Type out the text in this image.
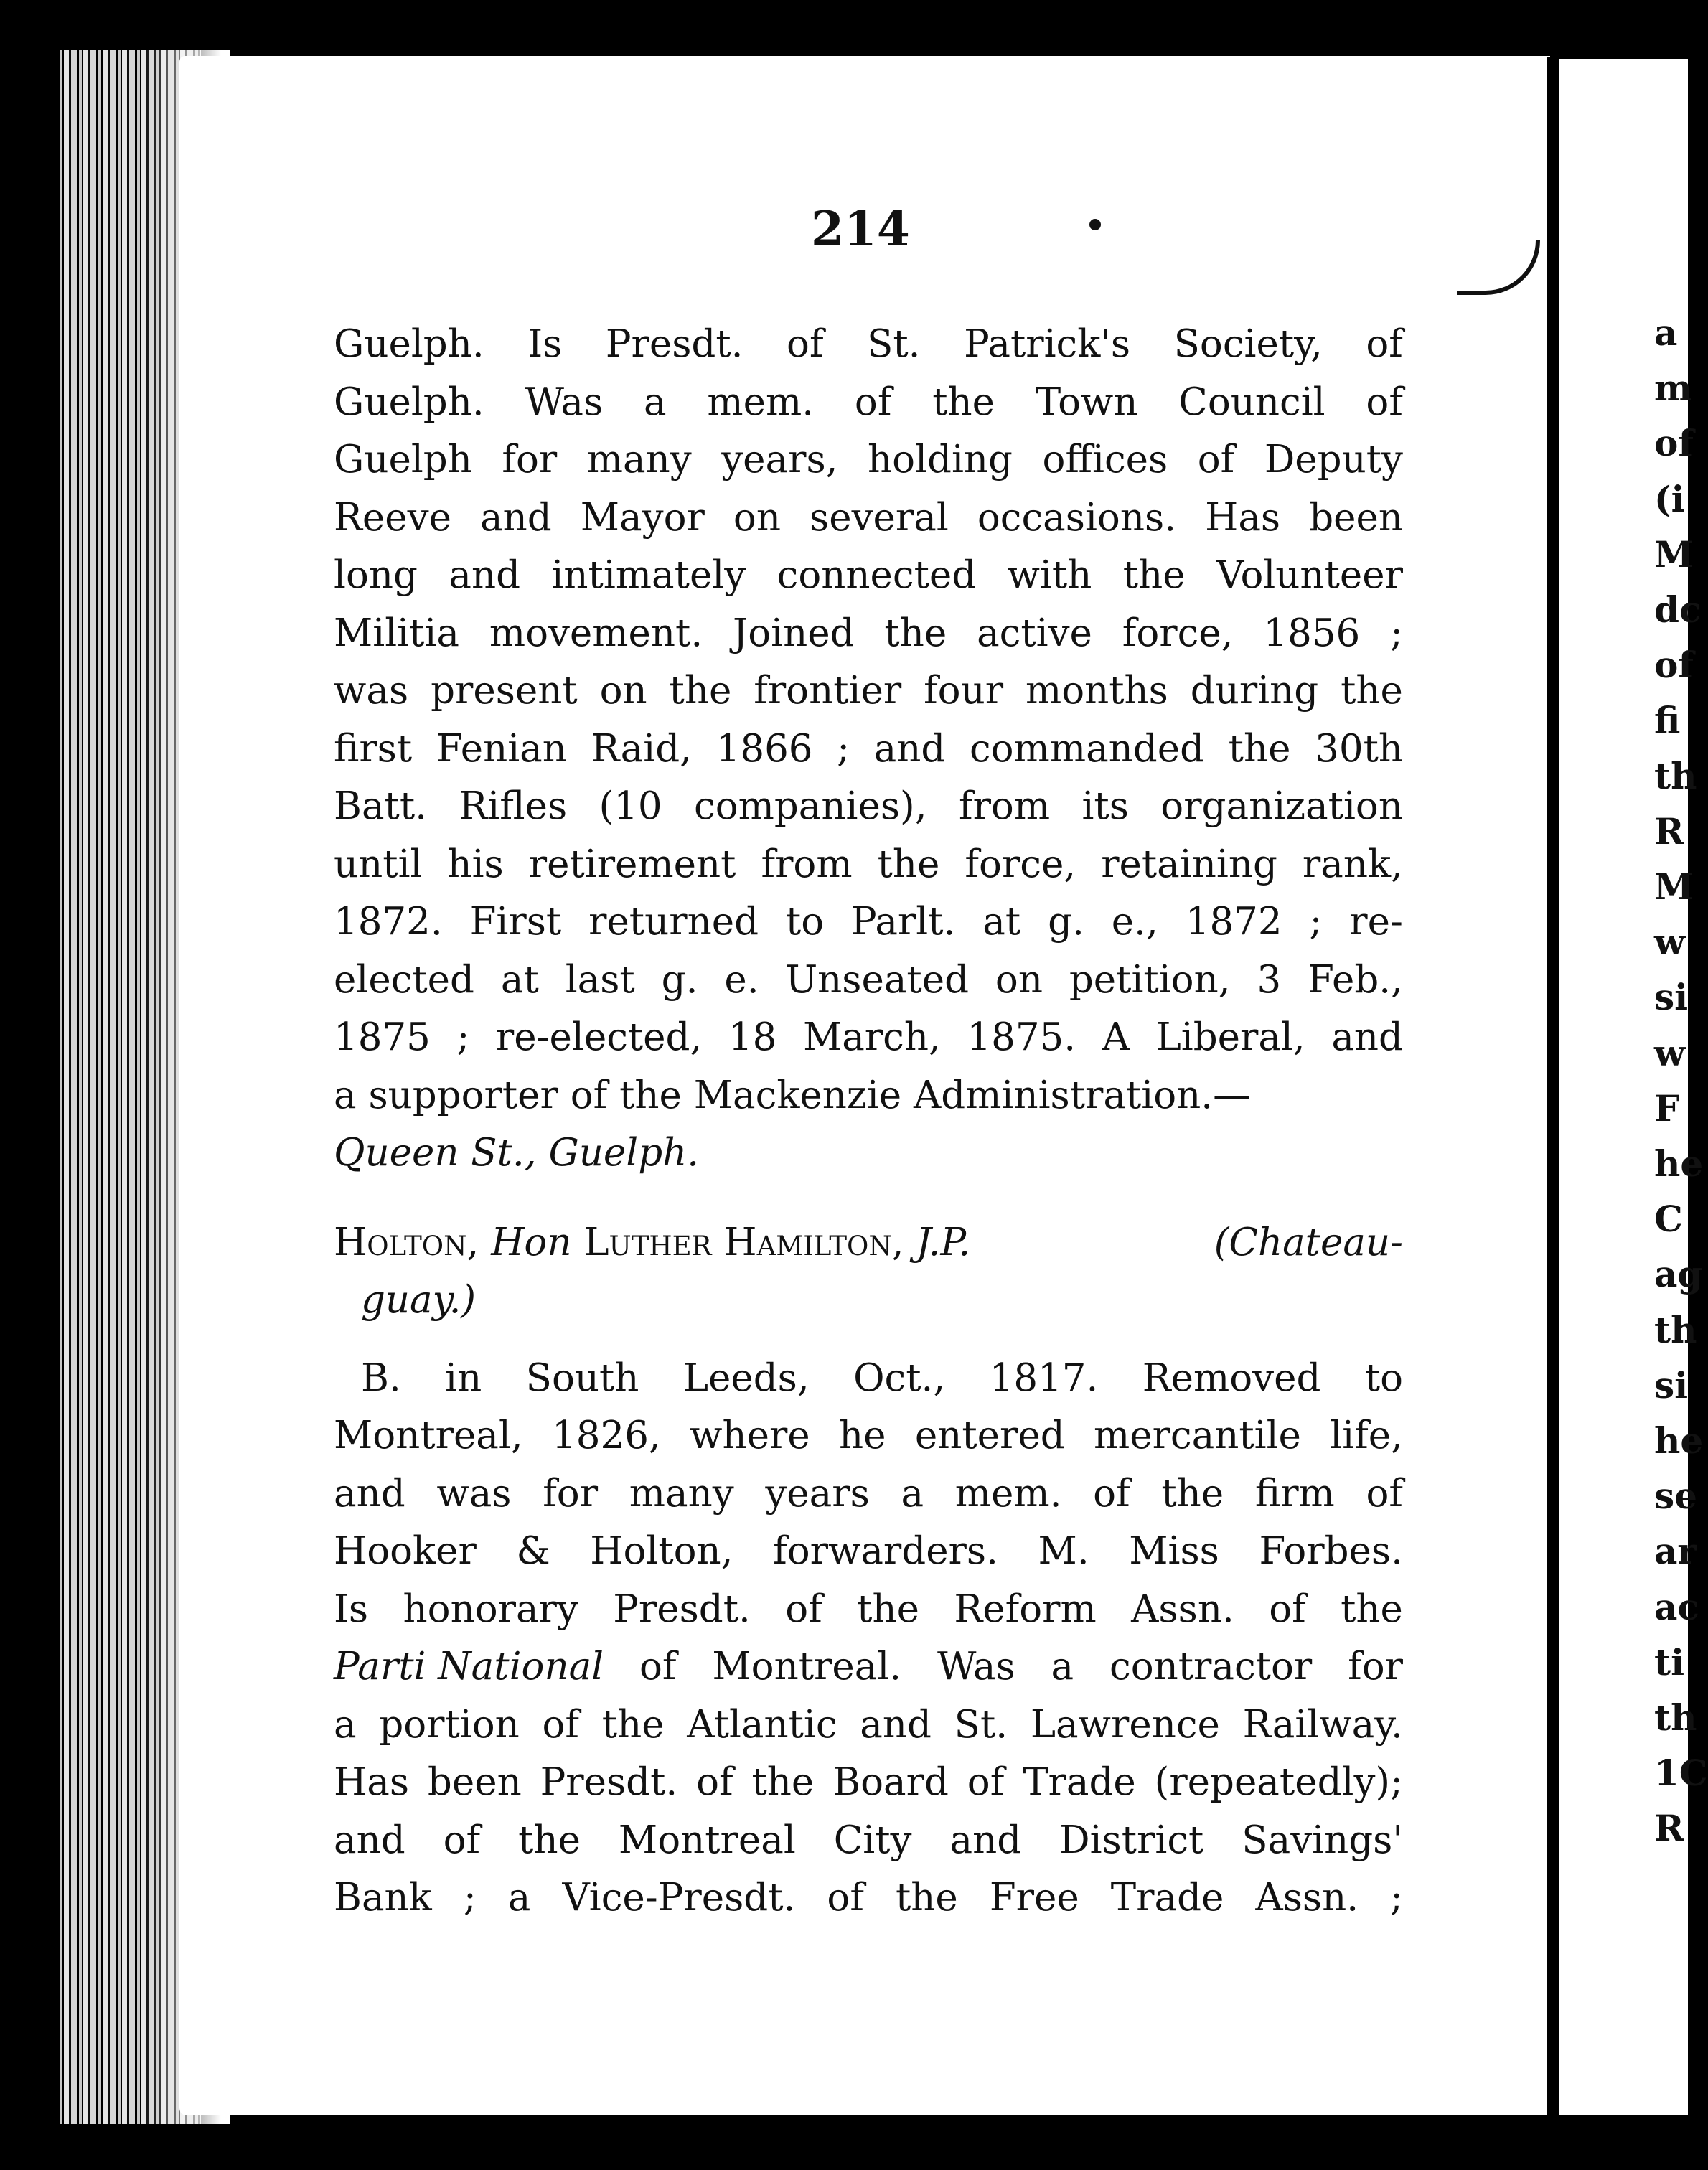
214
Guelph. Is Presdt. of St. Patrick's Society, of
Guelph. Was a mem. of the Town Council of
Guelph for many years, holding offices of Deputy
Reeve and Mayor on several occasions. Has been
long and intimately connected with the Volunteer
Militia movement. Joined the active force, 1856 ;
was present on the frontier four months during the
first Fenian Raid, 1866 ; and commanded the 30th
Batt. Rifles (10 companies), from its organization
until his retirement from the force, retaining rank,
1872. First returned to Parlt. at g. e., 1872 ; re-
elected at last g. e. Unseated on petition, 3 Feb.,
1875 ; re-elected, 18 March, 1875. A Liberal, and
a supporter of the Mackenzie Administration.—
Queen St., Guelph.
Holton, Hon Luther Hamilton, J.P.	(Chateau-
guay.)
B. in South Leeds, Oct., 1817. Removed to
Montreal, 1826, where he entered mercantile life,
and was for many years a mem. of the firm of
Hooker & Holton, forwarders. M. Miss Forbes.
Is honorary Presdt. of the Reform Assn. of the
Parti National of Montreal. Was a contractor for
a portion of the Atlantic and St. Lawrence Railway.
Has been Presdt. of the Board of Trade (repeatedly);
and of the Montreal City and District Savings'
Bank ; a Vice-Presdt. of the Free Trade Assn. ;
a
m
of
(i
M
dc
of
fi
th
R
M
w
si
w
F
he
C
ag
th
si
he
se
ar
ac
ti
th
1C
R
